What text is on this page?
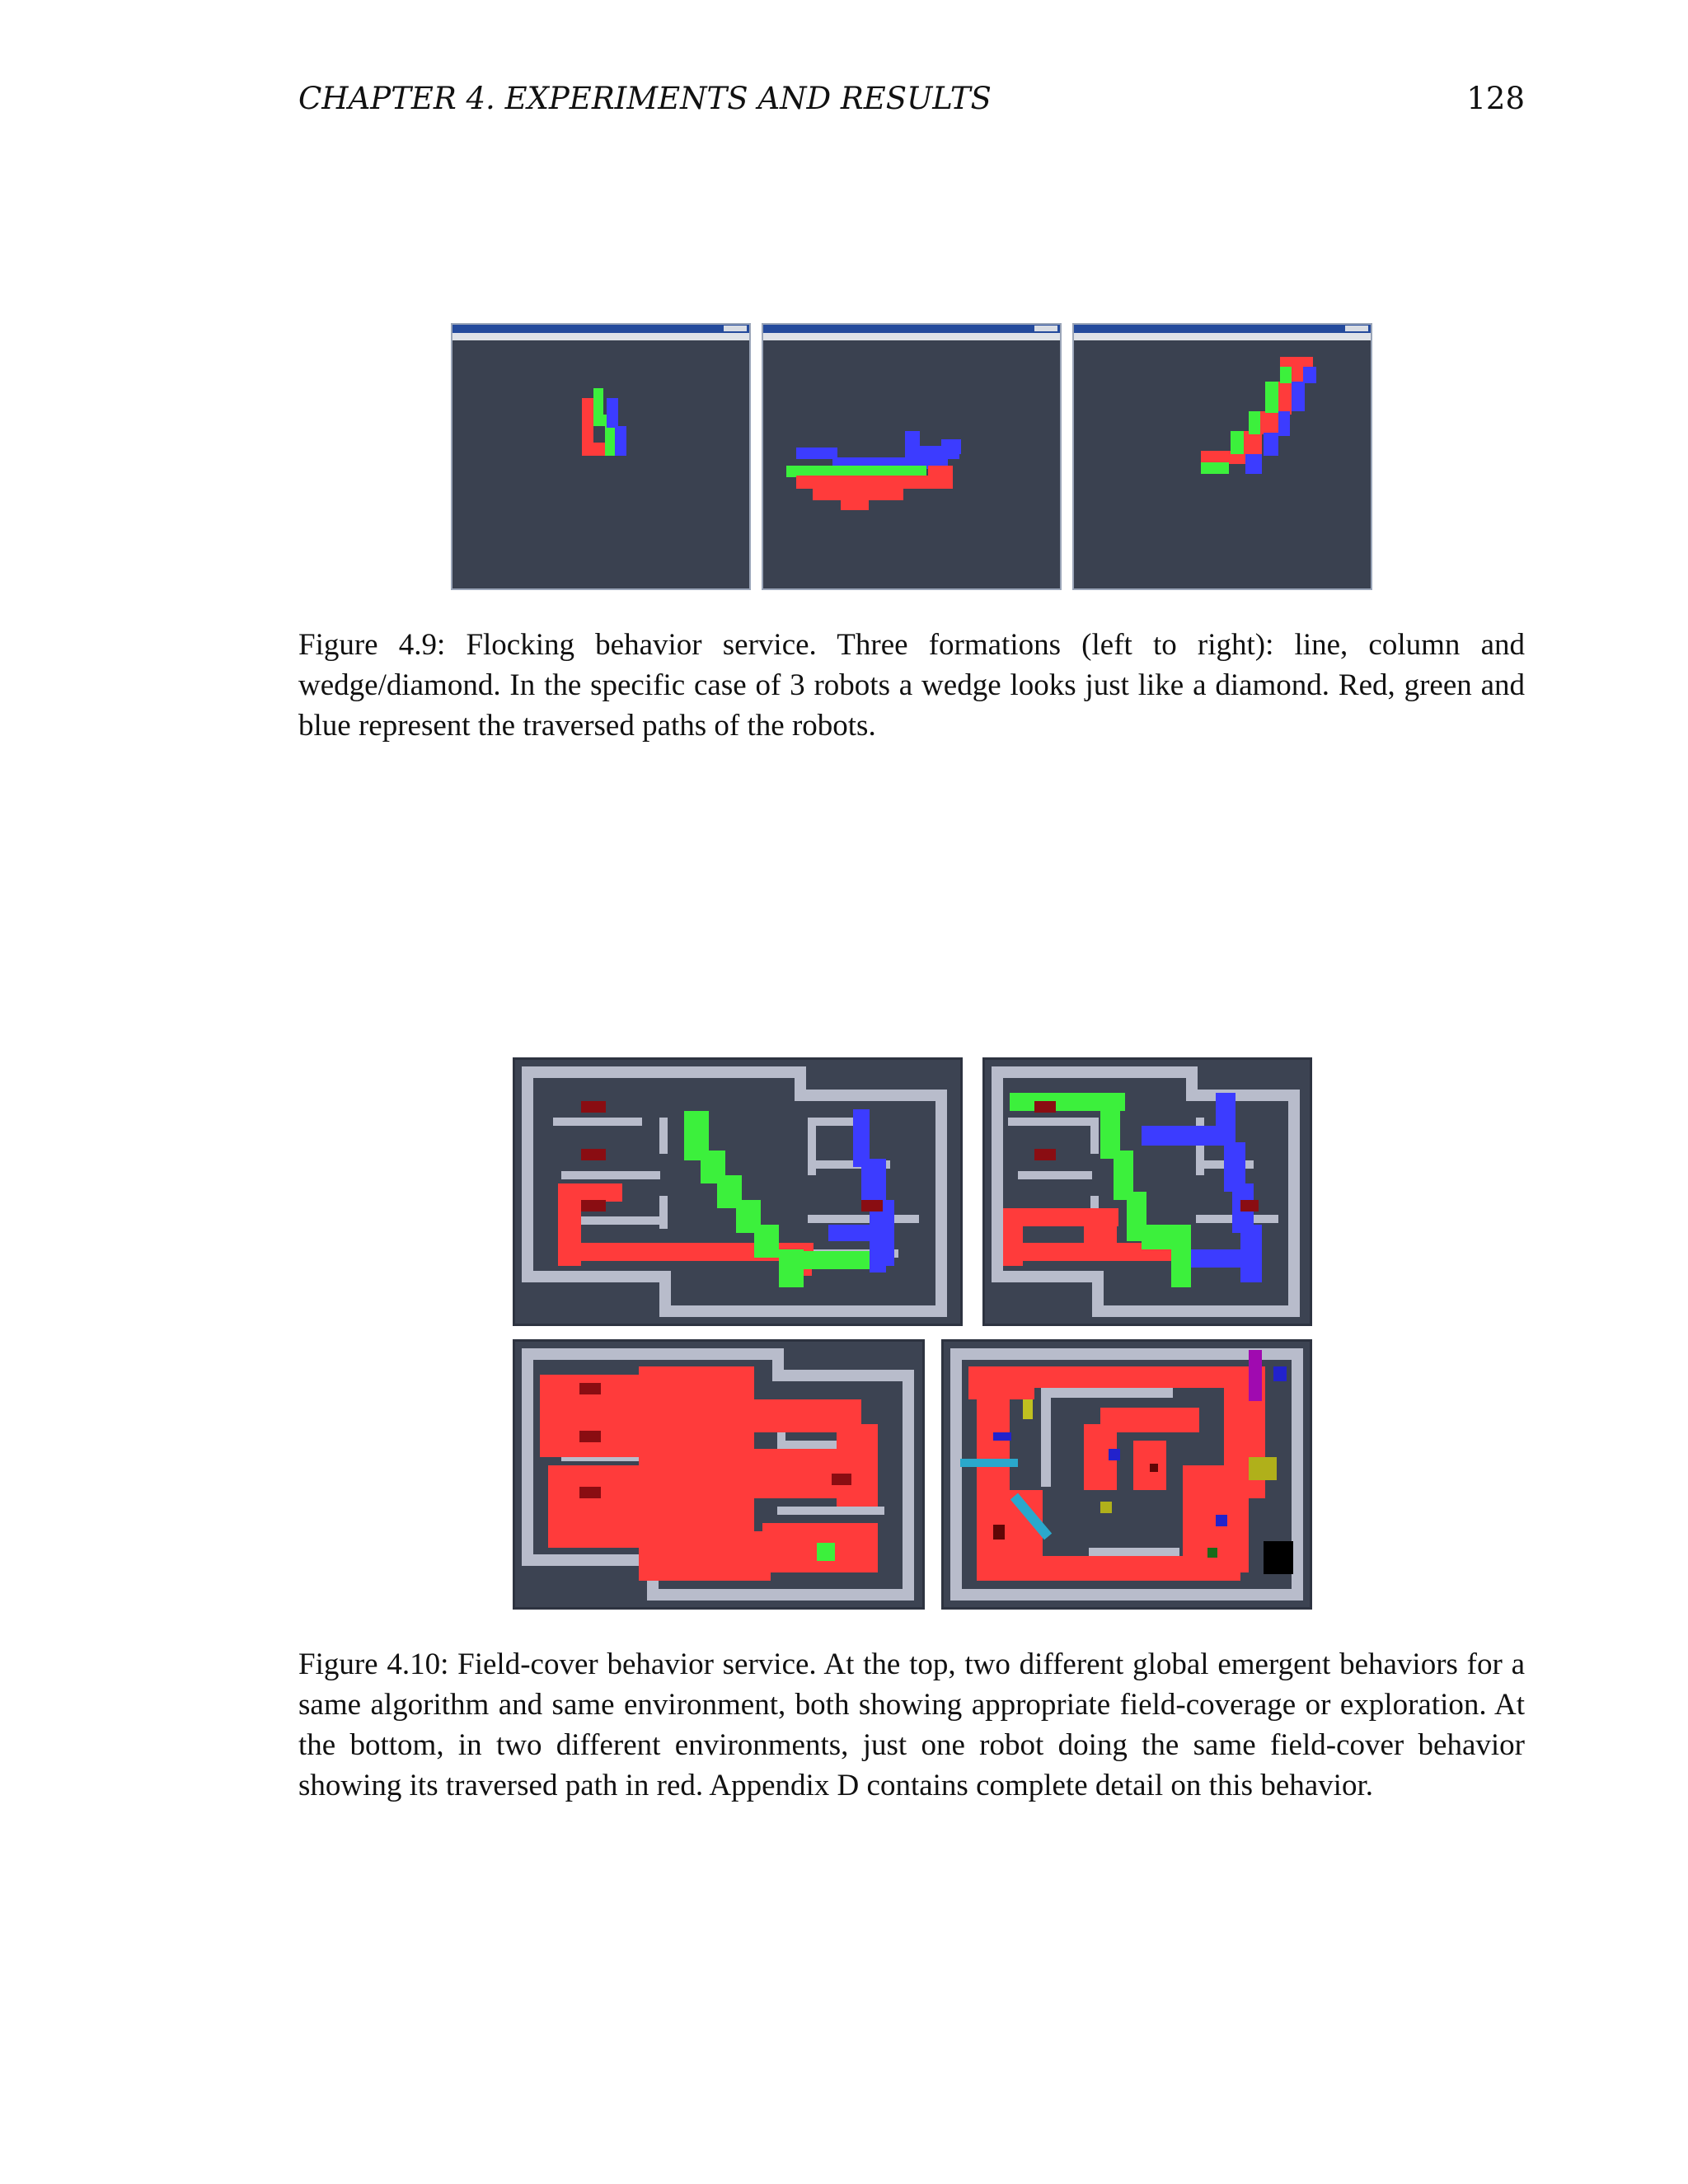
CHAPTER 4. EXPERIMENTS AND RESULTS	128
Figure 4.9: Flocking behavior service. Three formations (left to right): line, column and wedge/diamond. In the specific case of 3 robots a wedge looks just like a diamond. Red, green and blue represent the traversed paths of the robots.
Figure 4.10: Field-cover behavior service. At the top, two different global emergent behaviors for a same algorithm and same environment, both showing appropriate field-coverage or exploration. At the bottom, in two different environments, just one robot doing the same field-cover behavior showing its traversed path in red. Appendix D contains complete detail on this behavior.
